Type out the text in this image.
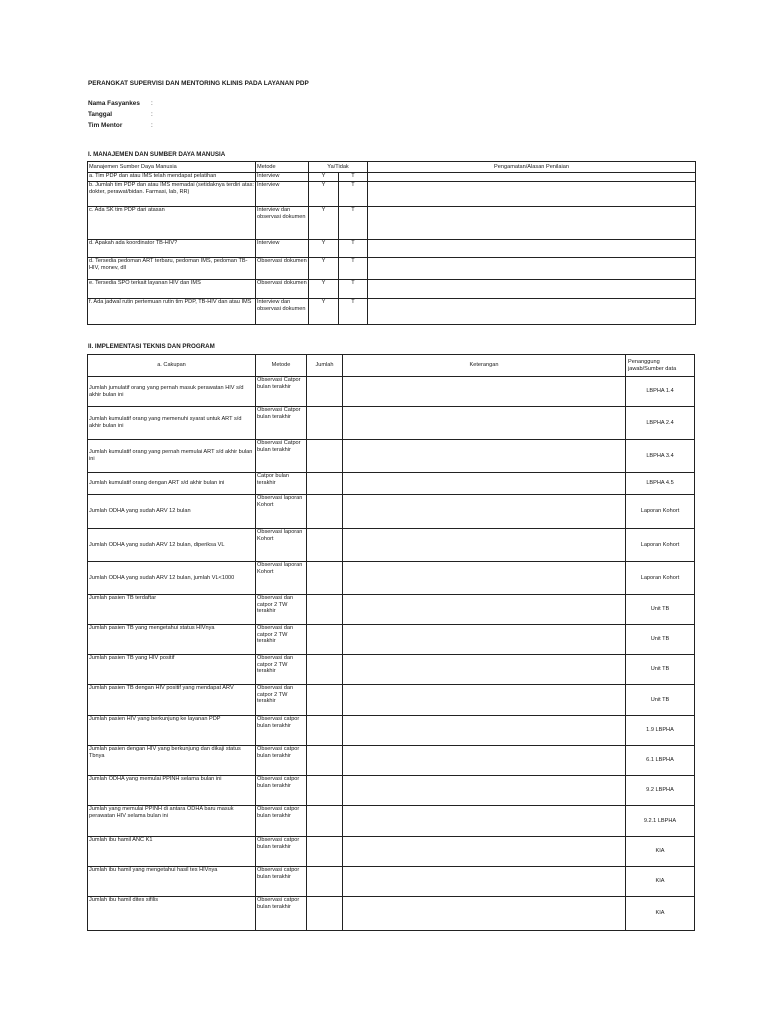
PERANGKAT SUPERVISI DAN MENTORING KLINIS PADA LAYANAN PDP
Nama Fasyankes :
Tanggal	:
Tim Mentor	:
I. MANAJEMEN DAN SUMBER DAYA MANUSIA
Manajemen Sumber Daya Manusia	Metode	Ya/Tidak		Pengamatan/Alasan Penilaian
a. Tim PDP dan atau IMS telah mendapat pelatihan	Interview	Y	T	
b. Jumlah tim PDP dan atau IMS memadai (setidaknya terdiri atas: dokter, perawat/bidan. Farmasi, lab, RR)	Interview	Y	T	
c. Ada SK tim PDP dari atasan	Interview dan observasi dokumen	Y	T	
d. Apakah ada koordinator TB-HIV?	Interview	Y	T	
d. Tersedia pedoman ART terbaru, pedoman IMS, pedoman TB-HIV, monev, dll	Observasi dokumen	Y	T	
e. Tersedia SPO terkait layanan HIV dan IMS	Observasi dokumen	Y	T	
f. Ada jadwal rutin pertemuan rutin tim PDP, TB-HIV dan atau IMS	Interview dan observasi dokumen	Y	T	
II. IMPLEMENTASI TEKNIS DAN PROGRAM
a. Cakupan	Metode	Jumlah	Keterangan	Penanggung jawab/Sumber data
Jumlah jumulatif orang yang pernah masuk perawatan HIV s/d akhir bulan ini	Observasi Catpor bulan terakhir			LBPHA 1.4
Jumlah kumulatif orang yang memenuhi syarat untuk ART s/d akhir bulan ini	Observasi Catpor bulan terakhir			LBPHA 2.4
Jumlah kumulatif orang yang pernah memulai ART s/d akhir bulan ini	Observasi Catpor bulan terakhir			LBPHA 3.4
Jumlah kumulatif orang dengan ART s/d akhir bulan ini	Catpor bulan terakhir			LBPHA 4.5
Jumlah ODHA yang sudah ARV 12 bulan	Observasi laporan Kohort			Laporan Kohort
Jumlah ODHA yang sudah ARV 12 bulan, diperiksa VL	Observasi laporan Kohort			Laporan Kohort
Jumlah ODHA yang sudah ARV 12 bulan, jumlah VL<1000	Observasi laporan Kohort			Laporan Kohort
Jumlah pasien TB terdaftar	Observasi dan catpor 2 TW terakhir			Unit TB
Jumlah pasien TB yang mengetahui status HIVnya	Observasi dan catpor 2 TW terakhir			Unit TB
Jumlah pasien TB yang HIV positif	Observasi dan catpor 2 TW terakhir			Unit TB
Jumlah pasien TB dengan HIV positif yang mendapat ARV	Observasi dan catpor 2 TW terakhir			Unit TB
Jumlah pasien HIV yang berkunjung ke layanan PDP	Observasi catpor bulan terakhir			1.9 LBPHA
Jumlah pasien dengan HIV yang berkunjung dan dikaji status Tbnya	Observasi catpor bulan terakhir			6.1 LBPHA
Jumlah ODHA yang memulai PPINH selama bulan ini	Observasi catpor bulan terakhir			9.2 LBPHA
Jumlah yang memulai PPINH di antara ODHA baru masuk perawatan HIV selama bulan ini	Observasi catpor bulan terakhir			9.2.1 LBPHA
Jumlah ibu hamil ANC K1	Observasi catpor bulan terakhir			KIA
Jumlah ibu hamil yang mengetahui hasil tes HIVnya	Observasi catpor bulan terakhir			KIA
Jumlah ibu hamil dites sifilis	Observasi catpor bulan terakhir			KIA
